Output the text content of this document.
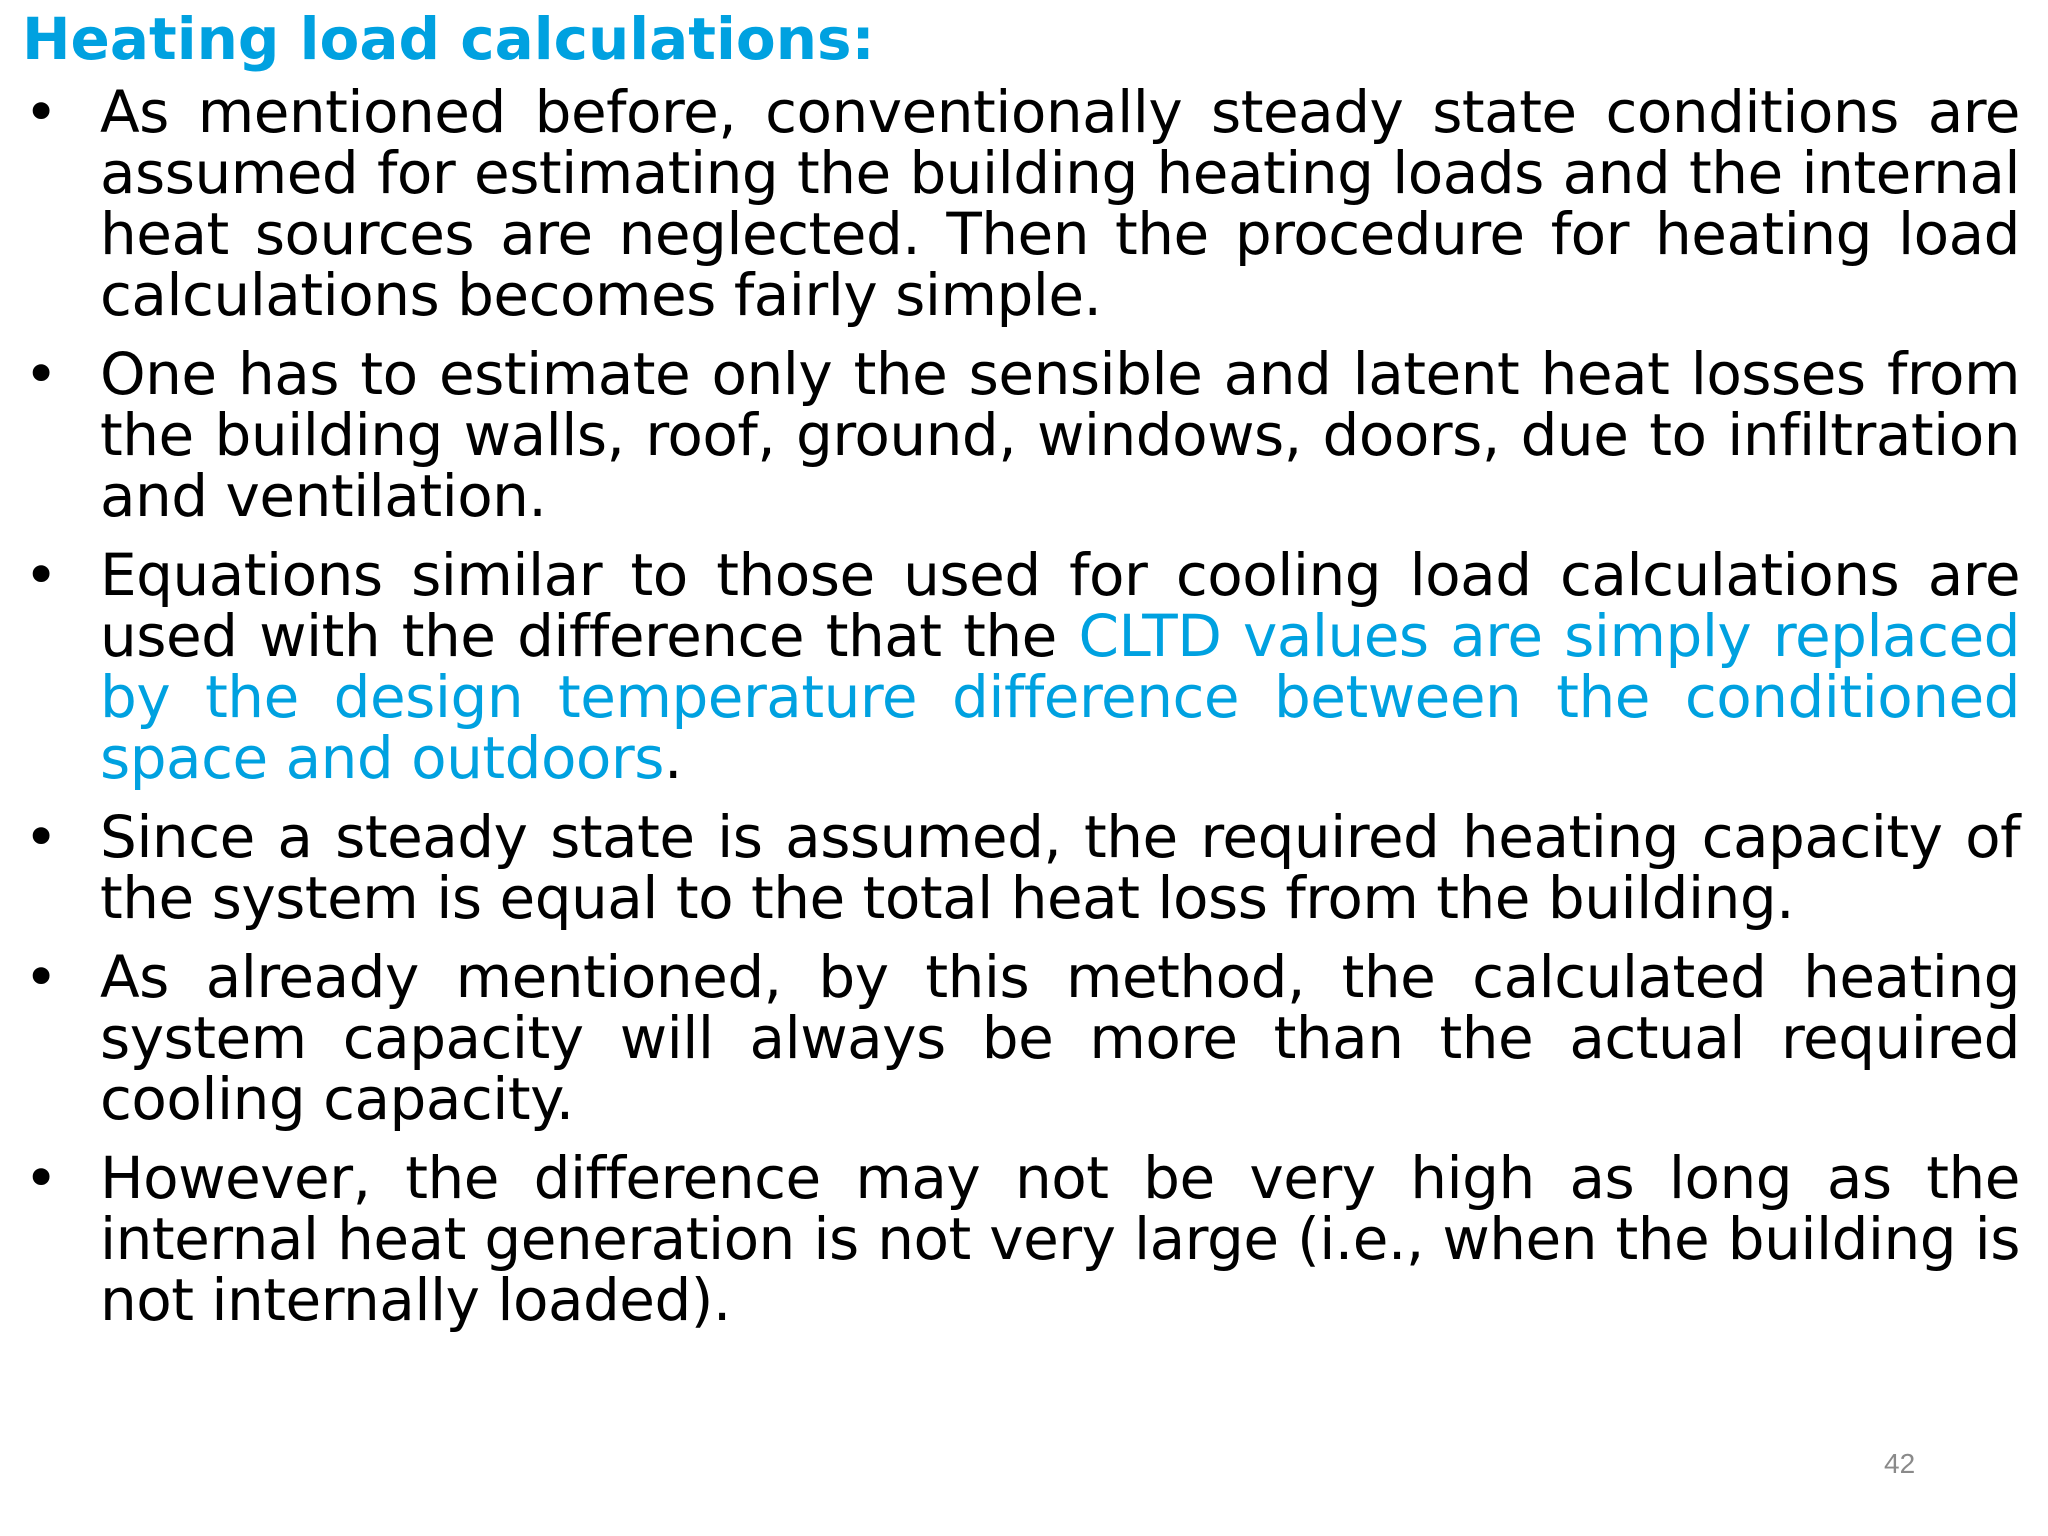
Heating load calculations:
• As mentioned before, conventionally steady state conditions are assumed for estimating the building heating loads and the internal heat sources are neglected. Then the procedure for heating load calculations becomes fairly simple.
• One has to estimate only the sensible and latent heat losses from the building walls, roof, ground, windows, doors, due to infiltration and ventilation.
• Equations similar to those used for cooling load calculations are used with the difference that the CLTD values are simply replaced by the design temperature difference between the conditioned space and outdoors.
• Since a steady state is assumed, the required heating capacity of the system is equal to the total heat loss from the building.
• As already mentioned, by this method, the calculated heating system capacity will always be more than the actual required cooling capacity.
• However, the difference may not be very high as long as the internal heat generation is not very large (i.e., when the building is not internally loaded).
42
